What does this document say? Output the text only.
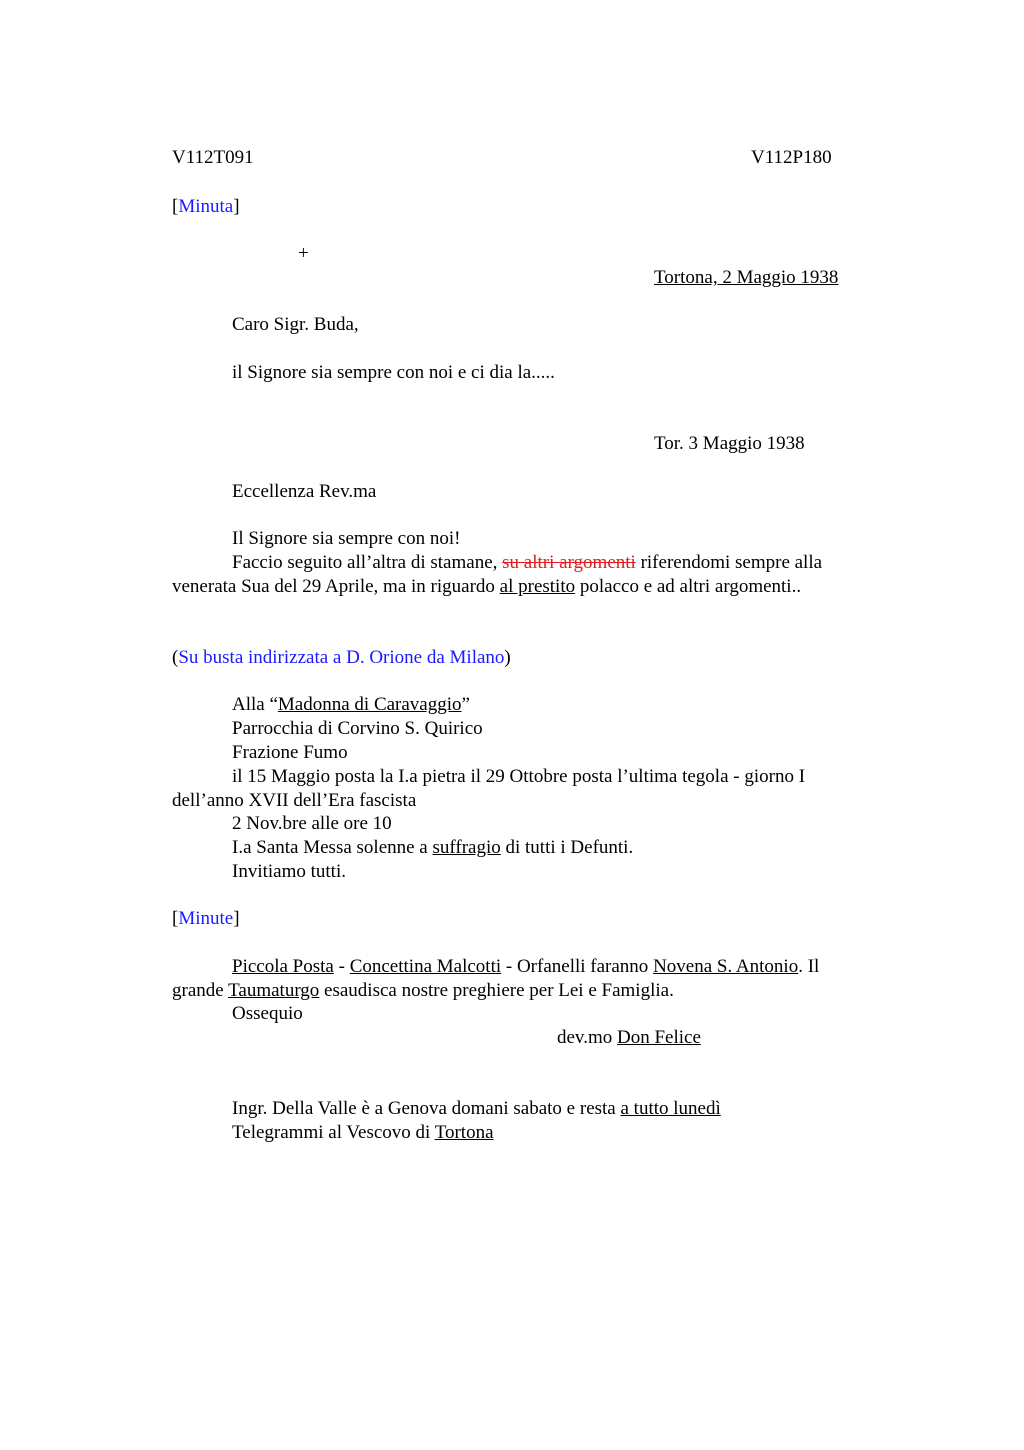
V112T091	V112P180
[Minuta]
+
Tortona, 2 Maggio 1938
Caro Sigr. Buda,
il Signore sia sempre con noi e ci dia la.....
Tor. 3 Maggio 1938
Eccellenza Rev.ma
Il Signore sia sempre con noi!
Faccio seguito all’altra di stamane, su altri argomenti riferendomi sempre alla
venerata Sua del 29 Aprile, ma in riguardo al prestito polacco e ad altri argomenti..
(Su busta indirizzata a D. Orione da Milano)
Alla “Madonna di Caravaggio”
Parrocchia di Corvino S. Quirico
Frazione Fumo
il 15 Maggio posta la I.a pietra il 29 Ottobre posta l’ultima tegola - giorno I
dell’anno XVII dell’Era fascista
2 Nov.bre alle ore 10
I.a Santa Messa solenne a suffragio di tutti i Defunti.
Invitiamo tutti.
[Minute]
Piccola Posta - Concettina Malcotti - Orfanelli faranno Novena S. Antonio. Il
grande Taumaturgo esaudisca nostre preghiere per Lei e Famiglia.
Ossequio
dev.mo Don Felice
Ingr. Della Valle è a Genova domani sabato e resta a tutto lunedì
Telegrammi al Vescovo di Tortona
